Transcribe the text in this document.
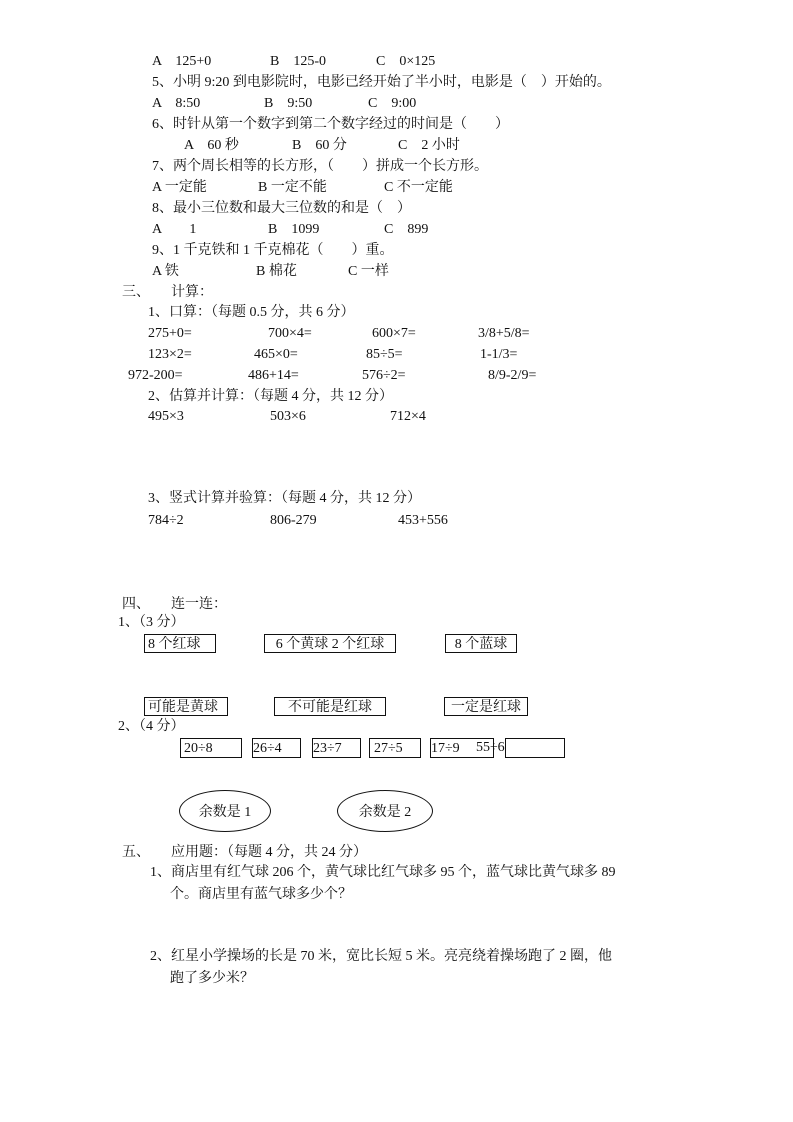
A　125+0	B　125-0	C　0×125
5、小明 9:20 到电影院时，电影已经开始了半小时，电影是（　）开始的。
A　8:50	B　9:50	C　9:00
6、时针从第一个数字到第二个数字经过的时间是（　　）
A　60 秒	B　60 分	C　2 小时
7、两个周长相等的长方形，（　　）拼成一个长方形。
A 一定能	B 一定不能	C 不一定能
8、最小三位数和最大三位数的和是（　）
A　　1	B　1099	C　899
9、1 千克铁和 1 千克棉花（　　）重。
A 铁	B 棉花	C 一样
三、　　计算：
1、口算：（每题 0.5 分，共 6 分）
275+0=	700×4=	600×7=	3/8+5/8=
123×2=	465×0=	85÷5=	1-1/3=
972-200=	486+14=	576÷2=	8/9-2/9=
2、估算并计算：（每题 4 分，共 12 分）
495×3	503×6	712×4
3、竖式计算并验算：（每题 4 分，共 12 分）
784÷2	806-279	453+556
四、　　连一连：
1、（3 分）
8 个红球	6 个黄球 2 个红球	8 个蓝球
可能是黄球	不可能是红球	一定是红球
2、（4 分）
20÷8	26÷4	23÷7	27÷5	17÷9	55÷6
余数是 1	余数是 2
五、　　应用题：（每题 4 分，共 24 分）
1、商店里有红气球 206 个，黄气球比红气球多 95 个，蓝气球比黄气球多 89
个。商店里有蓝气球多少个？
2、红星小学操场的长是 70 米，宽比长短 5 米。亮亮绕着操场跑了 2 圈，他
跑了多少米？
